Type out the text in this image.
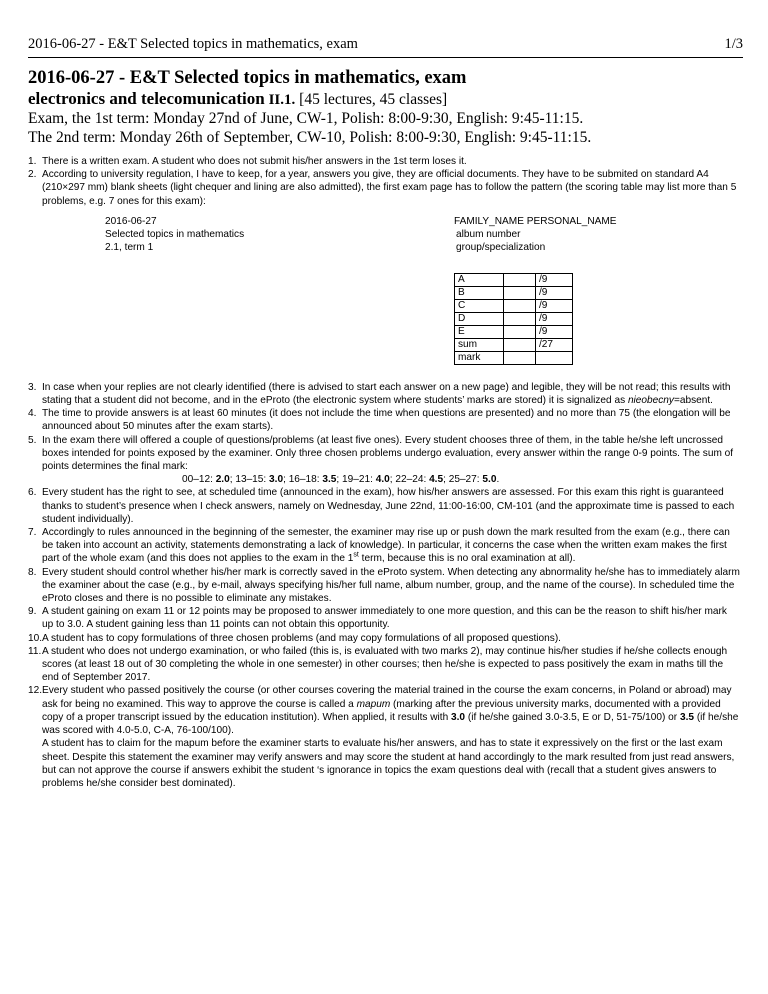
2016-06-27 - E&T Selected topics in mathematics, exam	1/3
2016-06-27 - E&T Selected topics in mathematics, exam
electronics and telecomunication II.1. [45 lectures, 45 classes]
Exam, the 1st term: Monday 27nd of June, CW-1, Polish: 8:00-9:30, English: 9:45-11:15.
The 2nd term: Monday 26th of September, CW-10, Polish: 8:00-9:30, English: 9:45-11:15.
1. There is a written exam. A student who does not submit his/her answers in the 1st term loses it.
2. According to university regulation, I have to keep, for a year, answers you give, they are official documents. They have to be submited on standard A4 (210×297 mm) blank sheets (light chequer and lining are also admitted), the first exam page has to follow the pattern (the scoring table may list more than 5 problems, e.g. 7 ones for this exam):
2016-06-27
Selected topics in mathematics
2.1, term 1
FAMILY_NAME PERSONAL_NAME
album number
group/specialization
A		/9
B		/9
C		/9
D		/9
E		/9
sum		/27
mark		
3. In case when your replies are not clearly identified (there is advised to start each answer on a new page) and legible, they will be not read; this results with stating that a student did not become, and in the eProto (the electronic system where students’ marks are stored) it is signalized as nieobecny=absent.
4. The time to provide answers is at least 60 minutes (it does not include the time when questions are presented) and no more than 75 (the elongation will be announced about 50 minutes after the exam starts).
5. In the exam there will offered a couple of questions/problems (at least five ones). Every student chooses three of them, in the table he/she left uncrossed boxes intended for points exposed by the examiner. Only three chosen problems undergo evaluation, every answer within the range 0-9 points. The sum of points determines the final mark:
00–12: 2.0; 13–15: 3.0; 16–18: 3.5; 19–21: 4.0; 22–24: 4.5; 25–27: 5.0.
6. Every student has the right to see, at scheduled time (announced in the exam), how his/her answers are assessed. For this exam this right is guaranteed thanks to student’s presence when I check answers, namely on Wednesday, June 22nd, 11:00-16:00, CM-101 (and the approximate time is passed to each student individually).
7. Accordingly to rules announced in the beginning of the semester, the examiner may rise up or push down the mark resulted from the exam (e.g., there can be taken into account an activity, statements demonstrating a lack of knowledge). In particular, it concerns the case when the written exam makes the first part of the whole exam (and this does not applies to the exam in the 1st term, because this is no oral examination at all).
8. Every student should control whether his/her mark is correctly saved in the eProto system. When detecting any abnormality he/she has to immediately alarm the examiner about the case (e.g., by e-mail, always specifying his/her full name, album number, group, and the name of the course). In scheduled time the eProto closes and there is no possible to eliminate any mistakes.
9. A student gaining on exam 11 or 12 points may be proposed to answer immediately to one more question, and this can be the reason to shift his/her mark up to 3.0. A student gaining less than 11 points can not obtain this opportunity.
10. A student has to copy formulations of three chosen problems (and may copy formulations of all proposed questions).
11. A student who does not undergo examination, or who failed (this is, is evaluated with two marks 2), may continue his/her studies if he/she collects enough scores (at least 18 out of 30 completing the whole in one semester) in other courses; then he/she is expected to pass positively the exam in maths till the end of September 2017.
12. Every student who passed positively the course (or other courses covering the material trained in the course the exam concerns, in Poland or abroad) may ask for being no examined. This way to approve the course is called a mapum (marking after the previous university marks, documented with a provided copy of a proper transcript issued by the education institution). When applied, it results with 3.0 (if he/she gained 3.0-3.5, E or D, 51-75/100) or 3.5 (if he/she was scored with 4.0-5.0, C-A, 76-100/100).
A student has to claim for the mapum before the examiner starts to evaluate his/her answers, and has to state it expressively on the first or the last exam sheet. Despite this statement the examiner may verify answers and may score the student at hand accordingly to the mark resulted from just read answers, but can not approve the course if answers exhibit the student ‘s ignorance in topics the exam questions deal with (recall that a student gives answers to problems he/she consider best dominated).
